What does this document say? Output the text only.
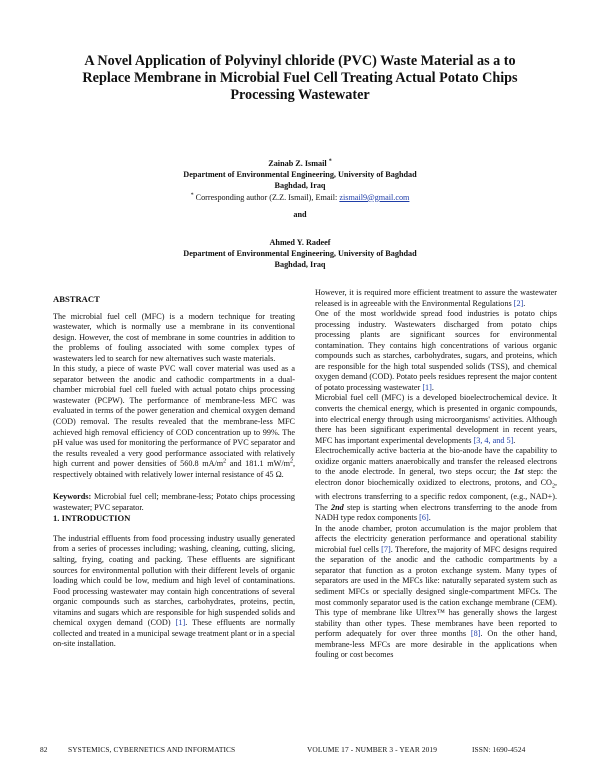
A Novel Application of Polyvinyl chloride (PVC) Waste Material as a to
Replace Membrane in Microbial Fuel Cell Treating Actual Potato Chips
Processing Wastewater
Zainab Z. Ismail *
Department of Environmental Engineering, University of Baghdad
Baghdad, Iraq
* Corresponding author (Z.Z. Ismail), Email: zismail9@gmail.com
and
Ahmed Y. Radeef
Department of Environmental Engineering, University of Baghdad
Baghdad, Iraq

ABSTRACT

The microbial fuel cell (MFC) is a modern technique for treating wastewater, which is normally use a membrane in its conventional design. However, the cost of membrane in some countries in addition to the problems of fouling associated with some complex types of wastewaters led to search for new alternatives such waste materials.

In this study, a piece of waste PVC wall cover material was used as a separator between the anodic and cathodic compartments in a dual-chamber microbial fuel cell fueled with actual potato chips processing wastewater (PCPW). The performance of membrane-less MFC was evaluated in terms of the power generation and chemical oxygen demand (COD) removal. The results revealed that the membrane-less MFC achieved high removal efficiency of COD concentration up to 99%. The pH value was used for monitoring the performance of PVC separator and the results revealed a very good performance associated with relatively high current and power densities of 560.8 $mA/m^2$ and 181.1 $mW/m^2$, respectively obtained with relatively lower internal resistance of 45 Ω.

Keywords: Microbial fuel cell; membrane-less; Potato chips processing wastewater; PVC separator.

1. INTRODUCTION

The industrial effluents from food processing industry usually generated from a series of processes including; washing, cleaning, cutting, slicing, salting, frying, coating and packing. These effluents are significant sources for environmental pollution with their different levels of organic loading which could be low, medium and high level of contaminations. Food processing wastewater may contain high concentrations of several organic compounds such as starches, carbohydrates, proteins, pectin, vitamins and sugars which are responsible for high suspended solids and chemical oxygen demand (COD) [1]. These effluents are normally collected and treated in a municipal sewage treatment plant or in a special on-site installation.

However, it is required more efficient treatment to assure the wastewater released is in agreeable with the Environmental Regulations [2].

One of the most worldwide spread food industries is potato chips processing industry. Wastewaters discharged from potato chips processing plants are significant sources for environmental contamination. They contains high concentrations of various organic compounds such as starches, carbohydrates, sugars, and proteins, which are responsible for the high total suspended solids (TSS), and chemical oxygen demand (COD). Potato peels residues represent the major content of potato processing wastewater [1].

Microbial fuel cell (MFC) is a developed bioelectrochemical device. It converts the chemical energy, which is presented in organic compounds, into electrical energy through using microorganisms' activities. Although there has been significant experimental development in recent years, MFC has important experimental developments [3, 4, and 5].

Electrochemically active bacteria at the bio-anode have the capability to oxidize organic matters anaerobically and transfer the released electrons to the anode electrode. In general, two steps occur; the 1st step: the electron donor biochemically oxidized to electrons, protons, and $CO_2$, with electrons transferring to a specific redox component, (e.g., NAD+). The 2nd step is starting when electrons transferring to the anode from NADH type redox components [6].

In the anode chamber, proton accumulation is the major problem that affects the electricity generation performance and operational stability microbial fuel cells [7]. Therefore, the majority of MFC designs required the separation of the anodic and the cathodic compartments by a separator that function as a proton exchange system. Many types of separators are used in the MFCs like: naturally separated system such as sediment MFCs or specially designed single-compartment MFCs. The most commonly separator used is the cation exchange membrane (CEM). This type of membrane like Ultrex™ has generally shows the largest stability than other types. These membranes have been reported to perform adequately for over three months [8]. On the other hand, membrane-less MFCs are more desirable in the applications when fouling or cost becomes

82	SYSTEMICS, CYBERNETICS AND INFORMATICS	VOLUME 17 - NUMBER 3 - YEAR 2019	ISSN: 1690-4524
